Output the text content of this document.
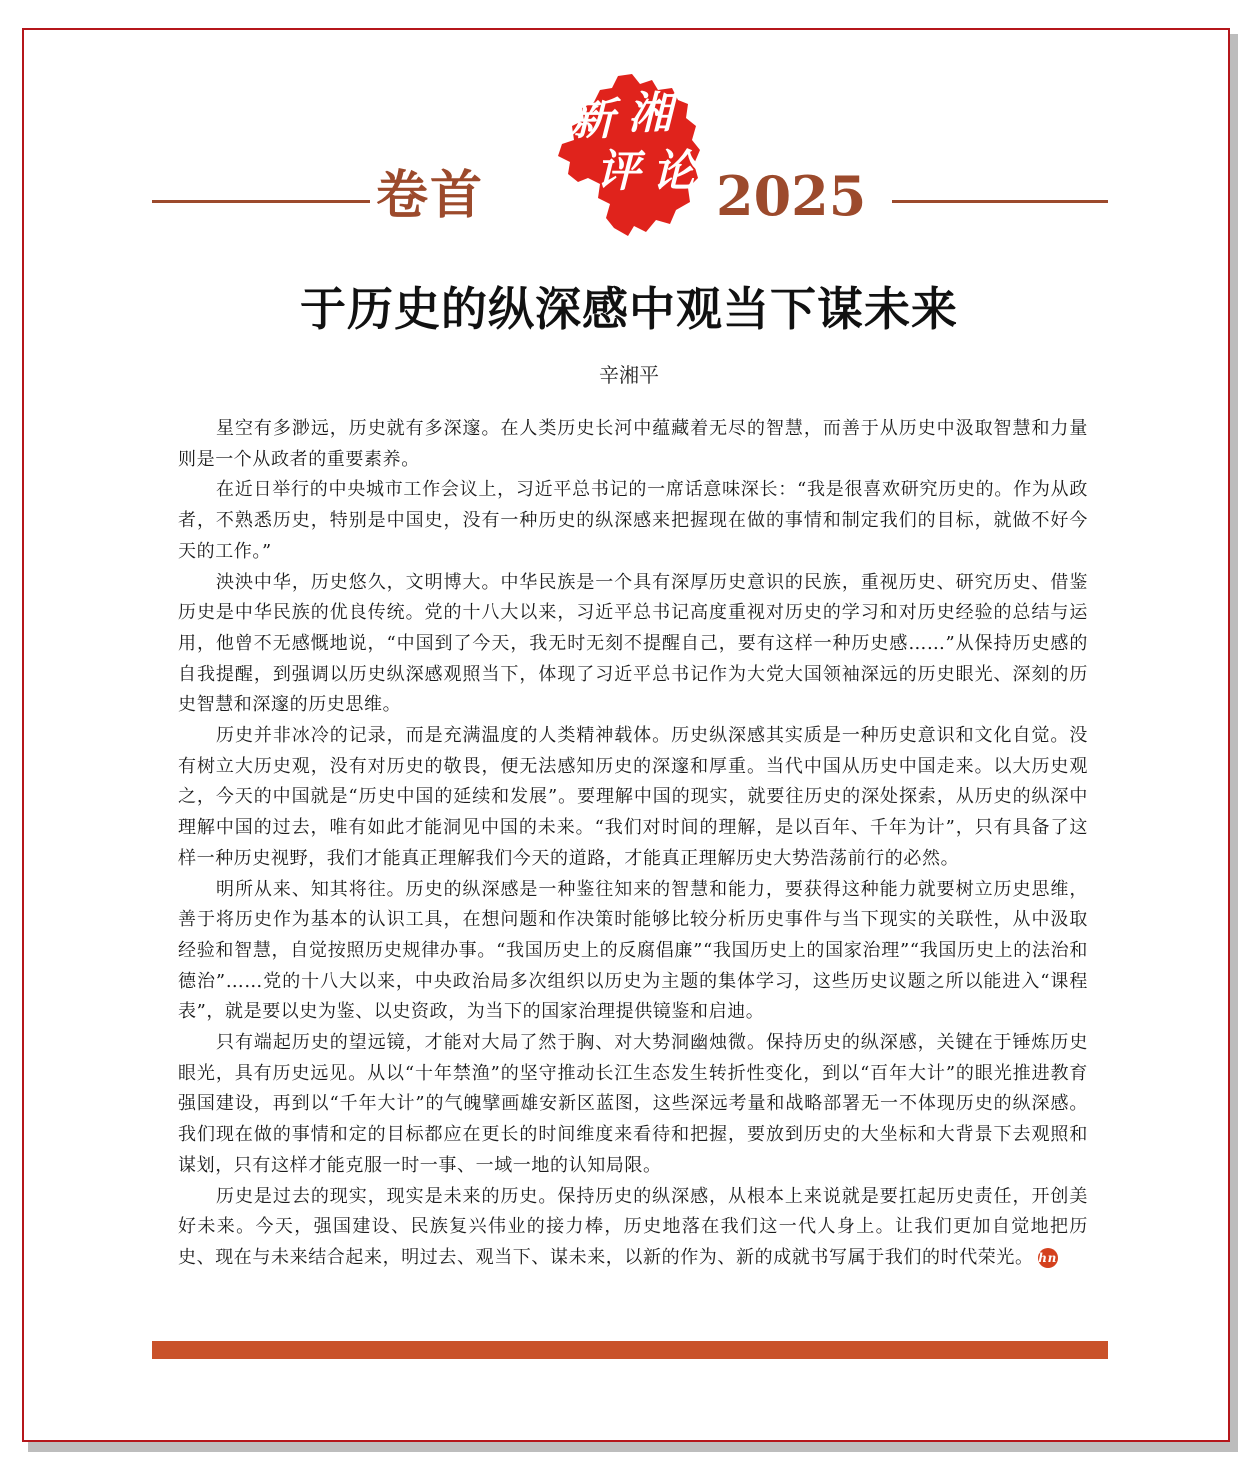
卷首
新 湘
评 论 2025
于历史的纵深感中观当下谋未来
辛湘平

星空有多渺远，历史就有多深邃。在人类历史长河中蕴藏着无尽的智慧，而善于从历史中汲取智慧和力量则是一个从政者的重要素养。

在近日举行的中央城市工作会议上，习近平总书记的一席话意味深长：“我是很喜欢研究历史的。作为从政者，不熟悉历史，特别是中国史，没有一种历史的纵深感来把握现在做的事情和制定我们的目标，就做不好今天的工作。”

泱泱中华，历史悠久，文明博大。中华民族是一个具有深厚历史意识的民族，重视历史、研究历史、借鉴历史是中华民族的优良传统。党的十八大以来，习近平总书记高度重视对历史的学习和对历史经验的总结与运用，他曾不无感慨地说，“中国到了今天，我无时无刻不提醒自己，要有这样一种历史感……”从保持历史感的自我提醒，到强调以历史纵深感观照当下，体现了习近平总书记作为大党大国领袖深远的历史眼光、深刻的历史智慧和深邃的历史思维。

历史并非冰冷的记录，而是充满温度的人类精神载体。历史纵深感其实质是一种历史意识和文化自觉。没有树立大历史观，没有对历史的敬畏，便无法感知历史的深邃和厚重。当代中国从历史中国走来。以大历史观之，今天的中国就是“历史中国的延续和发展”。要理解中国的现实，就要往历史的深处探索，从历史的纵深中理解中国的过去，唯有如此才能洞见中国的未来。“我们对时间的理解，是以百年、千年为计”，只有具备了这样一种历史视野，我们才能真正理解我们今天的道路，才能真正理解历史大势浩荡前行的必然。

明所从来、知其将往。历史的纵深感是一种鉴往知来的智慧和能力，要获得这种能力就要树立历史思维，善于将历史作为基本的认识工具，在想问题和作决策时能够比较分析历史事件与当下现实的关联性，从中汲取经验和智慧，自觉按照历史规律办事。“我国历史上的反腐倡廉”“我国历史上的国家治理”“我国历史上的法治和德治”……党的十八大以来，中央政治局多次组织以历史为主题的集体学习，这些历史议题之所以能进入“课程表”，就是要以史为鉴、以史资政，为当下的国家治理提供镜鉴和启迪。

只有端起历史的望远镜，才能对大局了然于胸、对大势洞幽烛微。保持历史的纵深感，关键在于锤炼历史眼光，具有历史远见。从以“十年禁渔”的坚守推动长江生态发生转折性变化，到以“百年大计”的眼光推进教育强国建设，再到以“千年大计”的气魄擘画雄安新区蓝图，这些深远考量和战略部署无一不体现历史的纵深感。我们现在做的事情和定的目标都应在更长的时间维度来看待和把握，要放到历史的大坐标和大背景下去观照和谋划，只有这样才能克服一时一事、一域一地的认知局限。

历史是过去的现实，现实是未来的历史。保持历史的纵深感，从根本上来说就是要扛起历史责任，开创美好未来。今天，强国建设、民族复兴伟业的接力棒，历史地落在我们这一代人身上。让我们更加自觉地把历史、现在与未来结合起来，明过去、观当下、谋未来，以新的作为、新的成就书写属于我们的时代荣光。 hn
